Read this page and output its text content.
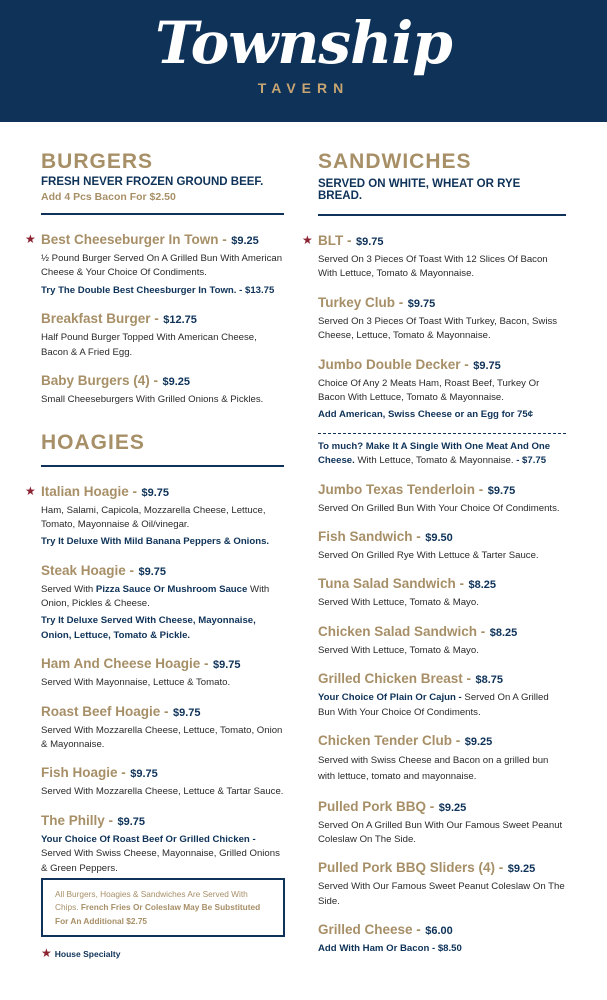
Township
TAVERN
BURGERS
FRESH NEVER FROZEN GROUND BEEF.
Add 4 Pcs Bacon For $2.50
★ Best Cheeseburger In Town - $9.25
½ Pound Burger Served On A Grilled Bun With American Cheese & Your Choice Of Condiments.
Try The Double Best Cheesburger In Town. - $13.75
Breakfast Burger - $12.75
Half Pound Burger Topped With American Cheese, Bacon & A Fried Egg.
Baby Burgers (4) - $9.25
Small Cheeseburgers With Grilled Onions & Pickles.
HOAGIES
★ Italian Hoagie - $9.75
Ham, Salami, Capicola, Mozzarella Cheese, Lettuce, Tomato, Mayonnaise & Oil/vinegar.
Try It Deluxe With Mild Banana Peppers & Onions.
Steak Hoagie - $9.75
Served With Pizza Sauce Or Mushroom Sauce With Onion, Pickles & Cheese.
Try It Deluxe Served With Cheese, Mayonnaise, Onion, Lettuce, Tomato & Pickle.
Ham And Cheese Hoagie - $9.75
Served With Mayonnaise, Lettuce & Tomato.
Roast Beef Hoagie - $9.75
Served With Mozzarella Cheese, Lettuce, Tomato, Onion & Mayonnaise.
Fish Hoagie - $9.75
Served With Mozzarella Cheese, Lettuce & Tartar Sauce.
The Philly - $9.75
Your Choice Of Roast Beef Or Grilled Chicken - Served With Swiss Cheese, Mayonnaise, Grilled Onions & Green Peppers.
SANDWICHES
SERVED ON WHITE, WHEAT OR RYE BREAD.
★ BLT - $9.75
Served On 3 Pieces Of Toast With 12 Slices Of Bacon With Lettuce, Tomato & Mayonnaise.
Turkey Club - $9.75
Served On 3 Pieces Of Toast With Turkey, Bacon, Swiss Cheese, Lettuce, Tomato & Mayonnaise.
Jumbo Double Decker - $9.75
Choice Of Any 2 Meats Ham, Roast Beef, Turkey Or Bacon With Lettuce, Tomato & Mayonnaise.
Add American, Swiss Cheese or an Egg for 75¢
To much? Make It A Single With One Meat And One Cheese. With Lettuce, Tomato & Mayonnaise. - $7.75
Jumbo Texas Tenderloin - $9.75
Served On Grilled Bun With Your Choice Of Condiments.
Fish Sandwich - $9.50
Served On Grilled Rye With Lettuce & Tarter Sauce.
Tuna Salad Sandwich - $8.25
Served With Lettuce, Tomato & Mayo.
Chicken Salad Sandwich - $8.25
Served With Lettuce, Tomato & Mayo.
Grilled Chicken Breast - $8.75
Your Choice Of Plain Or Cajun - Served On A Grilled Bun With Your Choice Of Condiments.
Chicken Tender Club - $9.25
Served with Swiss Cheese and Bacon on a grilled bun with lettuce, tomato and mayonnaise.
Pulled Pork BBQ - $9.25
Served On A Grilled Bun With Our Famous Sweet Peanut Coleslaw On The Side.
Pulled Pork BBQ Sliders (4) - $9.25
Served With Our Famous Sweet Peanut Coleslaw On The Side.
Grilled Cheese - $6.00
Add With Ham Or Bacon - $8.50
All Burgers, Hoagies & Sandwiches Are Served With Chips. French Fries Or Coleslaw May Be Substituted For An Additional $2.75
★ House Specialty
